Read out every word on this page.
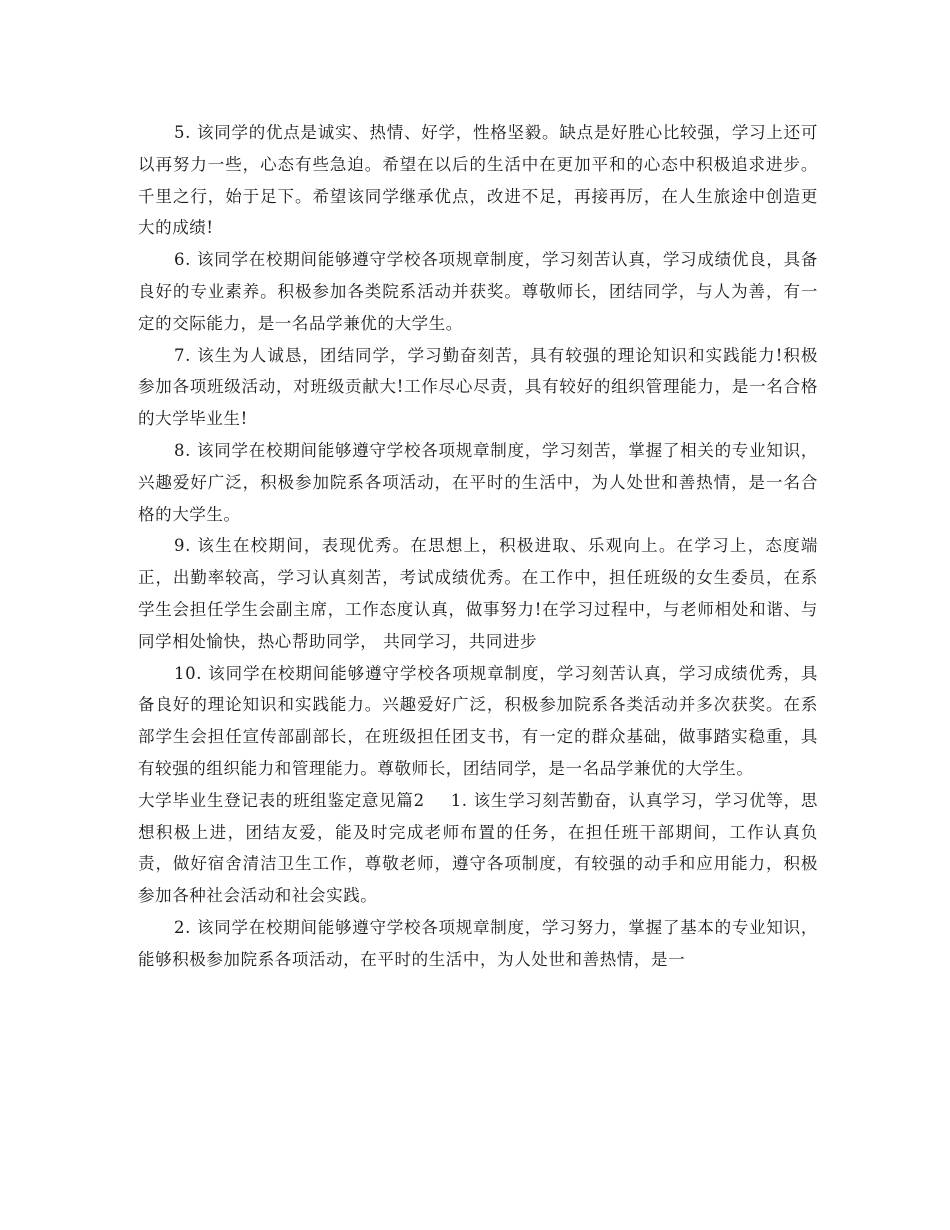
5. 该同学的优点是诚实、热情、好学，性格坚毅。缺点是好胜心比较强，学习上还可以再努力一些，心态有些急迫。希望在以后的生活中在更加平和的心态中积极追求进步。千里之行，始于足下。希望该同学继承优点，改进不足，再接再厉，在人生旅途中创造更大的成绩!

6. 该同学在校期间能够遵守学校各项规章制度，学习刻苦认真，学习成绩优良，具备良好的专业素养。积极参加各类院系活动并获奖。尊敬师长，团结同学，与人为善，有一定的交际能力，是一名品学兼优的大学生。

7. 该生为人诚恳，团结同学，学习勤奋刻苦，具有较强的理论知识和实践能力!积极参加各项班级活动，对班级贡献大!工作尽心尽责，具有较好的组织管理能力，是一名合格的大学毕业生!

8. 该同学在校期间能够遵守学校各项规章制度，学习刻苦，掌握了相关的专业知识，兴趣爱好广泛，积极参加院系各项活动，在平时的生活中，为人处世和善热情，是一名合格的大学生。

9. 该生在校期间，表现优秀。在思想上，积极进取、乐观向上。在学习上，态度端正，出勤率较高，学习认真刻苦，考试成绩优秀。在工作中，担任班级的女生委员，在系学生会担任学生会副主席，工作态度认真，做事努力!在学习过程中，与老师相处和谐、与同学相处愉快，热心帮助同学， 共同学习，共同进步

10. 该同学在校期间能够遵守学校各项规章制度，学习刻苦认真，学习成绩优秀，具备良好的理论知识和实践能力。兴趣爱好广泛，积极参加院系各类活动并多次获奖。在系部学生会担任宣传部副部长，在班级担任团支书，有一定的群众基础，做事踏实稳重，具有较强的组织能力和管理能力。尊敬师长，团结同学，是一名品学兼优的大学生。

大学毕业生登记表的班组鉴定意见篇2 1. 该生学习刻苦勤奋，认真学习，学习优等，思想积极上进，团结友爱，能及时完成老师布置的任务，在担任班干部期间，工作认真负责，做好宿舍清洁卫生工作，尊敬老师，遵守各项制度，有较强的动手和应用能力，积极参加各种社会活动和社会实践。

2. 该同学在校期间能够遵守学校各项规章制度，学习努力，掌握了基本的专业知识，能够积极参加院系各项活动，在平时的生活中，为人处世和善热情，是一
